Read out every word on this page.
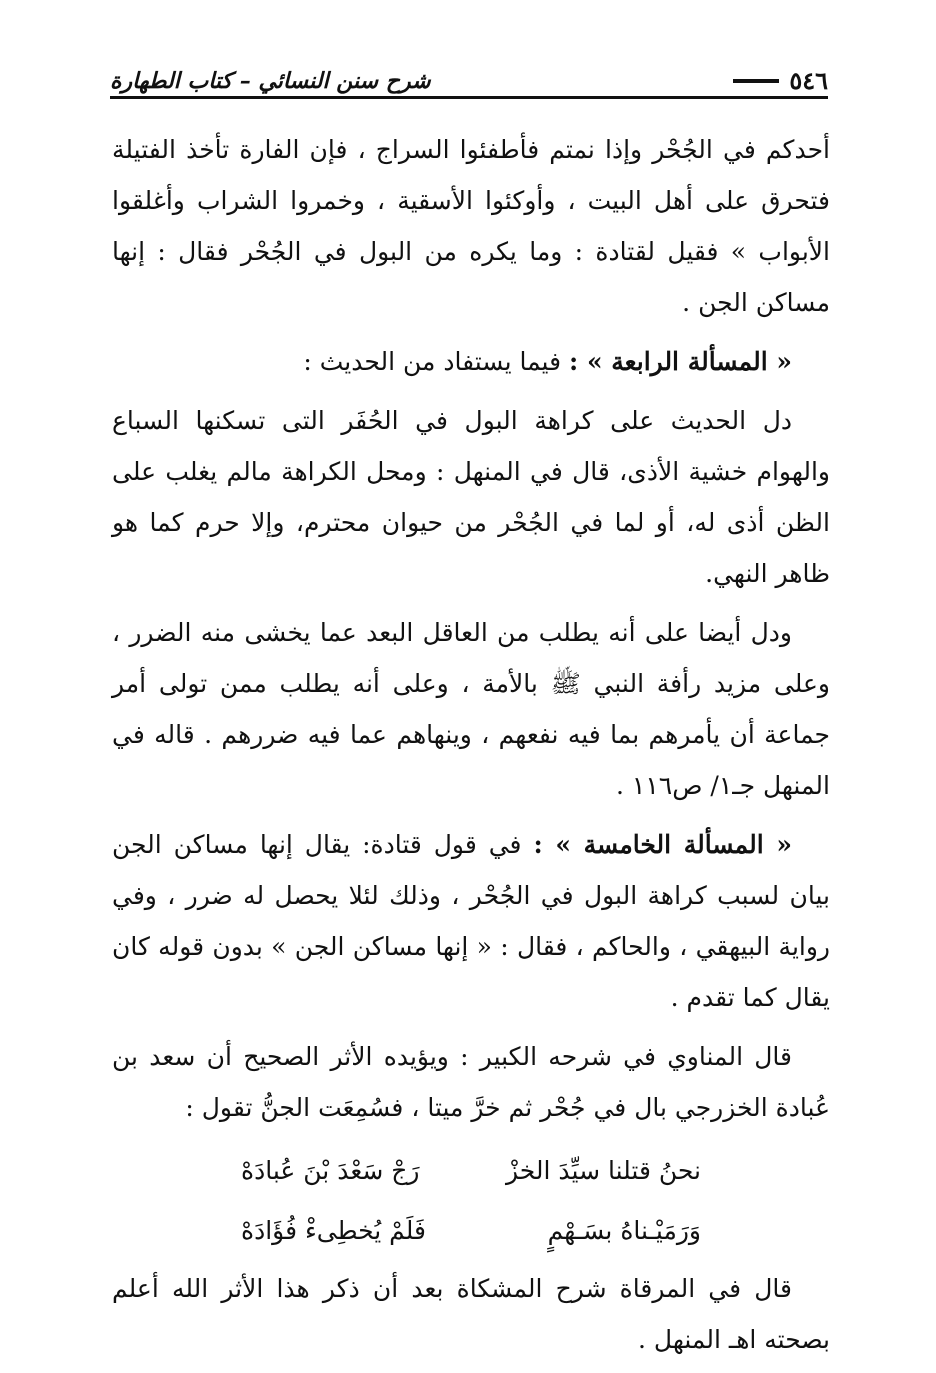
شرح سنن النسائي – كتاب الطهارة	٥٤٦

أحدكم في الجُحْر وإذا نمتم فأطفئوا السراج ، فإن الفارة تأخذ الفتيلة فتحرق على أهل البيت ، وأوكئوا الأسقية ، وخمروا الشراب وأغلقوا الأبواب » فقيل لقتادة : وما يكره من البول في الجُحْر فقال : إنها مساكن الجن .

« المسألة الرابعة » : فيما يستفاد من الحديث :

دل الحديث على كراهة البول في الحُفَر التى تسكنها السباع والهوام خشية الأذى، قال في المنهل : ومحل الكراهة مالم يغلب على الظن أذى له، أو لما في الجُحْر من حيوان محترم، وإلا حرم كما هو ظاهر النهي.

ودل أيضا على أنه يطلب من العاقل البعد عما يخشى منه الضرر ، وعلى مزيد رأفة النبي ﷺ بالأمة ، وعلى أنه يطلب ممن تولى أمر جماعة أن يأمرهم بما فيه نفعهم ، وينهاهم عما فيه ضررهم . قاله في المنهل جـ١/ ص١١٦ .

« المسألة الخامسة » : في قول قتادة: يقال إنها مساكن الجن بيان لسبب كراهة البول في الجُحْر ، وذلك لئلا يحصل له ضرر ، وفي رواية البيهقي ، والحاكم ، فقال : « إنها مساكن الجن » بدون قوله كان يقال كما تقدم .

قال المناوي في شرحه الكبير : ويؤيده الأثر الصحيح أن سعد بن عُبادة الخزرجي بال في جُحْر ثم خرَّ ميتا ، فسُمِعَت الجنُّ تقول :

نحنُ قتلنا سيِّدَ الخزْ
رَجْ سَعْدَ بْنَ عُبادَهْ
وَرَمَيْـناهُ بسَـهْمٍ
فَلَمْ يُخطِىءْ فُؤَادَهْ

قال في المرقاة شرح المشكاة بعد أن ذكر هذا الأثر الله أعلم بصحته اهـ المنهل .
